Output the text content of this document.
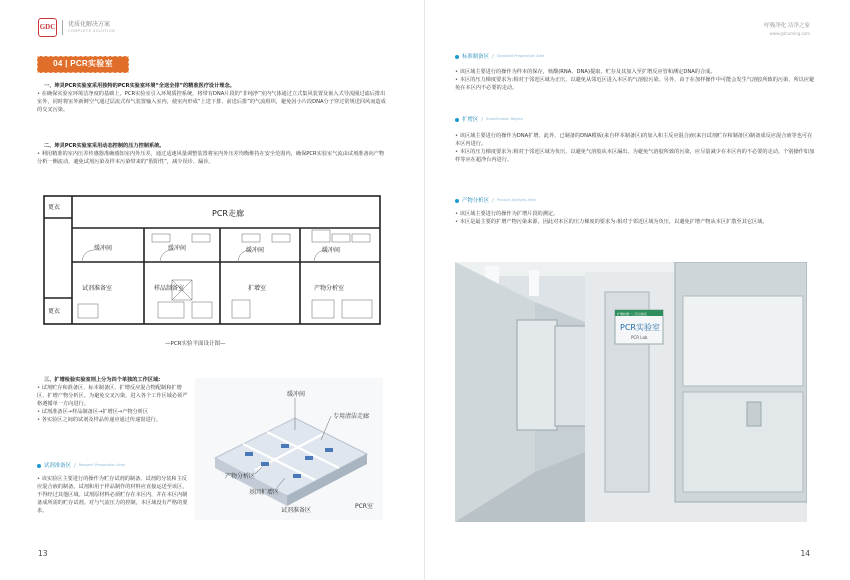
GDC 优质化解决方案
COMPLETE SOLUTION
04 | PCR实验室
一、坤灵PCR实验室采用独特的PCR实验室环境“全送全排”的精准医疗设计理念。
• 在确保实验室环境洁净度的基础上，PCR实验室引入环境质控系统，将带有DNA片段的“非纯净”室内气体通过立式集风装置及嵌入式导流圈过滤后排出室外，同时将室外新鲜空气通过层流式布气装置输入室内，使室内形成“上送下排、前送后排”的气流组织，避免因小片段DNA分子穿过常规送回风而造成的交叉污染。
二、坤灵PCR实验室采用动态控制的压力控制系统。
• 利用精准的室内压差传感器准确感知室内外压差，通过适速风量调整装置将室内外压差均衡维持在安全范围内，确保PCR实验室气流由试剂准备向产物分析一侧流动，避免试剂污染及样本污染带来的“假阳性”，减少误诊、漏诊。
更衣
更衣
PCR走廊
缓冲间	缓冲间	缓冲间	缓冲间
试剂准备室	样品制备室	扩增室	产物分析室
—PCR实验平面设计图—
三、扩增检验实验室则上分为四个单独的工作区域:
• 试剂贮存和准备区、标本制备区、扩增反应混合物配制和扩增区、扩增产物分析区。为避免交叉污染，进入各个工作区域必须严格遵循单一方向进行。
• 试剂准备区→样品制备区→扩增区→产物分析区
• 各实验区之间的试剂及样品传递应通过传递窗进行。
缓冲间
专用清洁走廊
产物分析区
基因扩增区
试剂准备区
PCR室
试剂准备区 / Reagent Preparation Area
• 该实验区主要进行的操作为贮存试剂的制备、试剂的分装和主反应混合液的制备。试剂和用于样品制作的材料应直接运送至该区，不得经过其他区域。试剂原材料必须贮存在本区内，并在本区内制备成所需的贮存试剂。对与气流压力的控制，本区域没有严格的要求。
13
呼吸净化 洁净之家
www.gdcuming.com
标准制备区 / Standard Preparation Area
• 该区域主要进行的操作为样本的保存，核酸(RNA、DNA)提取、贮存及其加入至扩增反应管和测定DNA的合成。
• 本区的压力梯度要求为:相对于邻近区域为正压，以避免从邻近区进入本区的气溶胶污染。另外，由于在加样操作中可能会发生气溶胶所致的污染，所以应避免在本区内不必要的走动。
扩增区 / Amplification Region
• 该区域主要进行的操作为DNA扩增。此外，已制备的DNA模板(来自样本制备区)的加入和主反应混合液(来自试剂贮存和制备区)制备成反应混合液等也可在本区内进行。
• 本区的压力梯度要求为:相对于邻近区域为负压，以避免气溶胶从本区漏出。为避免气溶胶所致的污染，应尽量减少在本区内的不必要的走动。个别操作如加样等应在超净台内进行。
产物分析区 / Product Analysis Area
• 该区域主要进行的操作为扩增片段的测定。
• 本区是最主要的扩增产物污染来源，因此对本区的压力梯度的要求为:相对于邻近区域为负压，以避免扩增产物从本区扩散至其它区域。
14
扩增检测一二区总装区
PCR实验室
PCR Lab
